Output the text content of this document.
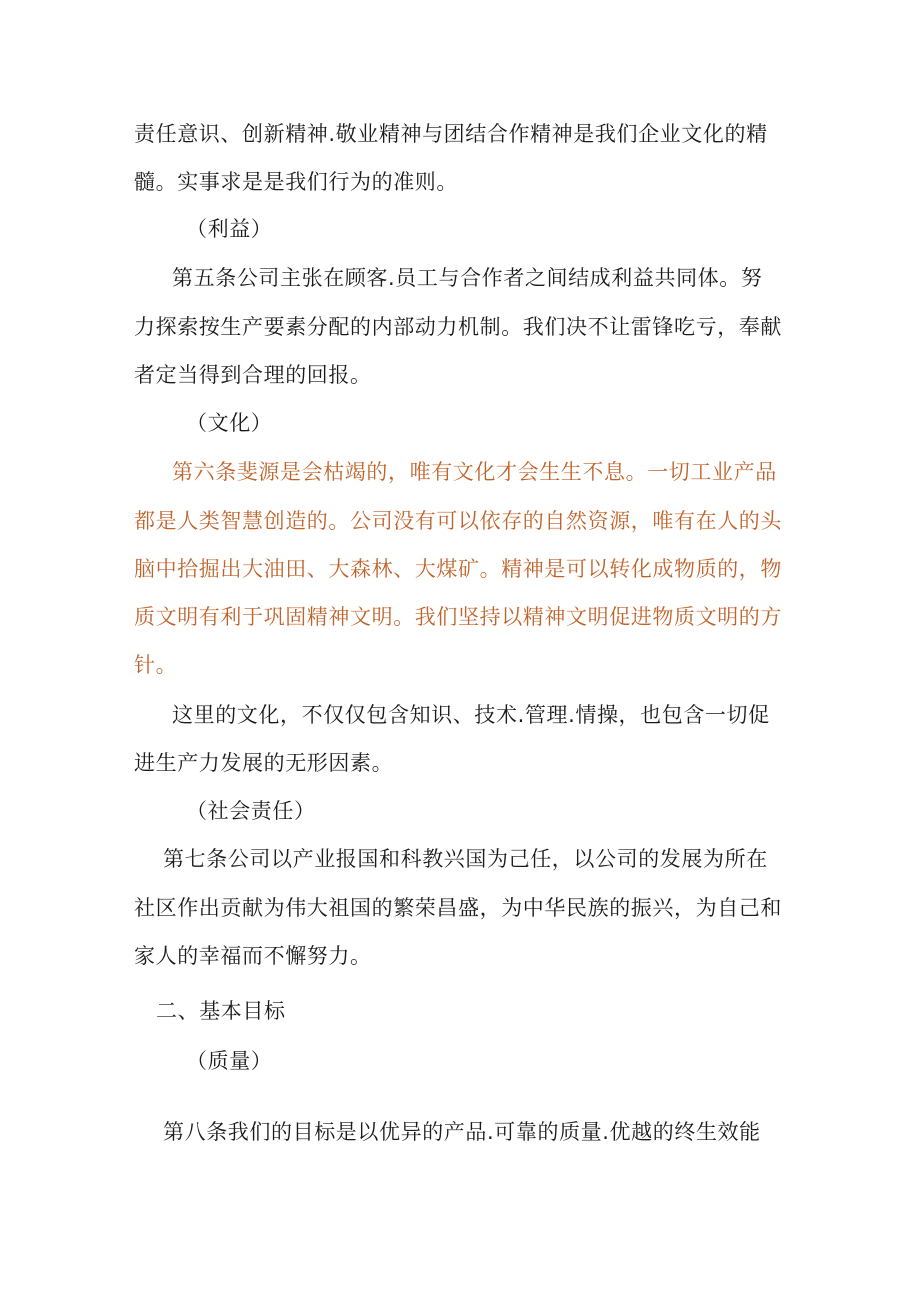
责任意识、创新精神.敬业精神与团结合作精神是我们企业文化的精
髓。实事求是是我们行为的准则。
（利益）
第五条公司主张在顾客.员工与合作者之间结成利益共同体。努
力探索按生产要素分配的内部动力机制。我们决不让雷锋吃亏，奉献
者定当得到合理的回报。
（文化）
第六条斐源是会枯竭的，唯有文化才会生生不息。一切工业产品
都是人类智慧创造的。公司没有可以依存的自然资源，唯有在人的头
脑中拾掘出大油田、大森林、大煤矿。精神是可以转化成物质的，物
质文明有利于巩固精神文明。我们坚持以精神文明促进物质文明的方
针。
这里的文化，不仅仅包含知识、技术.管理.情操，也包含一切促
进生产力发展的无形因素。
（社会责任）
第七条公司以产业报国和科教兴国为己任，以公司的发展为所在
社区作出贡献为伟大祖国的繁荣昌盛，为中华民族的振兴，为自己和
家人的幸福而不懈努力。
二、基本目标
（质量）
第八条我们的目标是以优异的产品.可靠的质量.优越的终生效能
